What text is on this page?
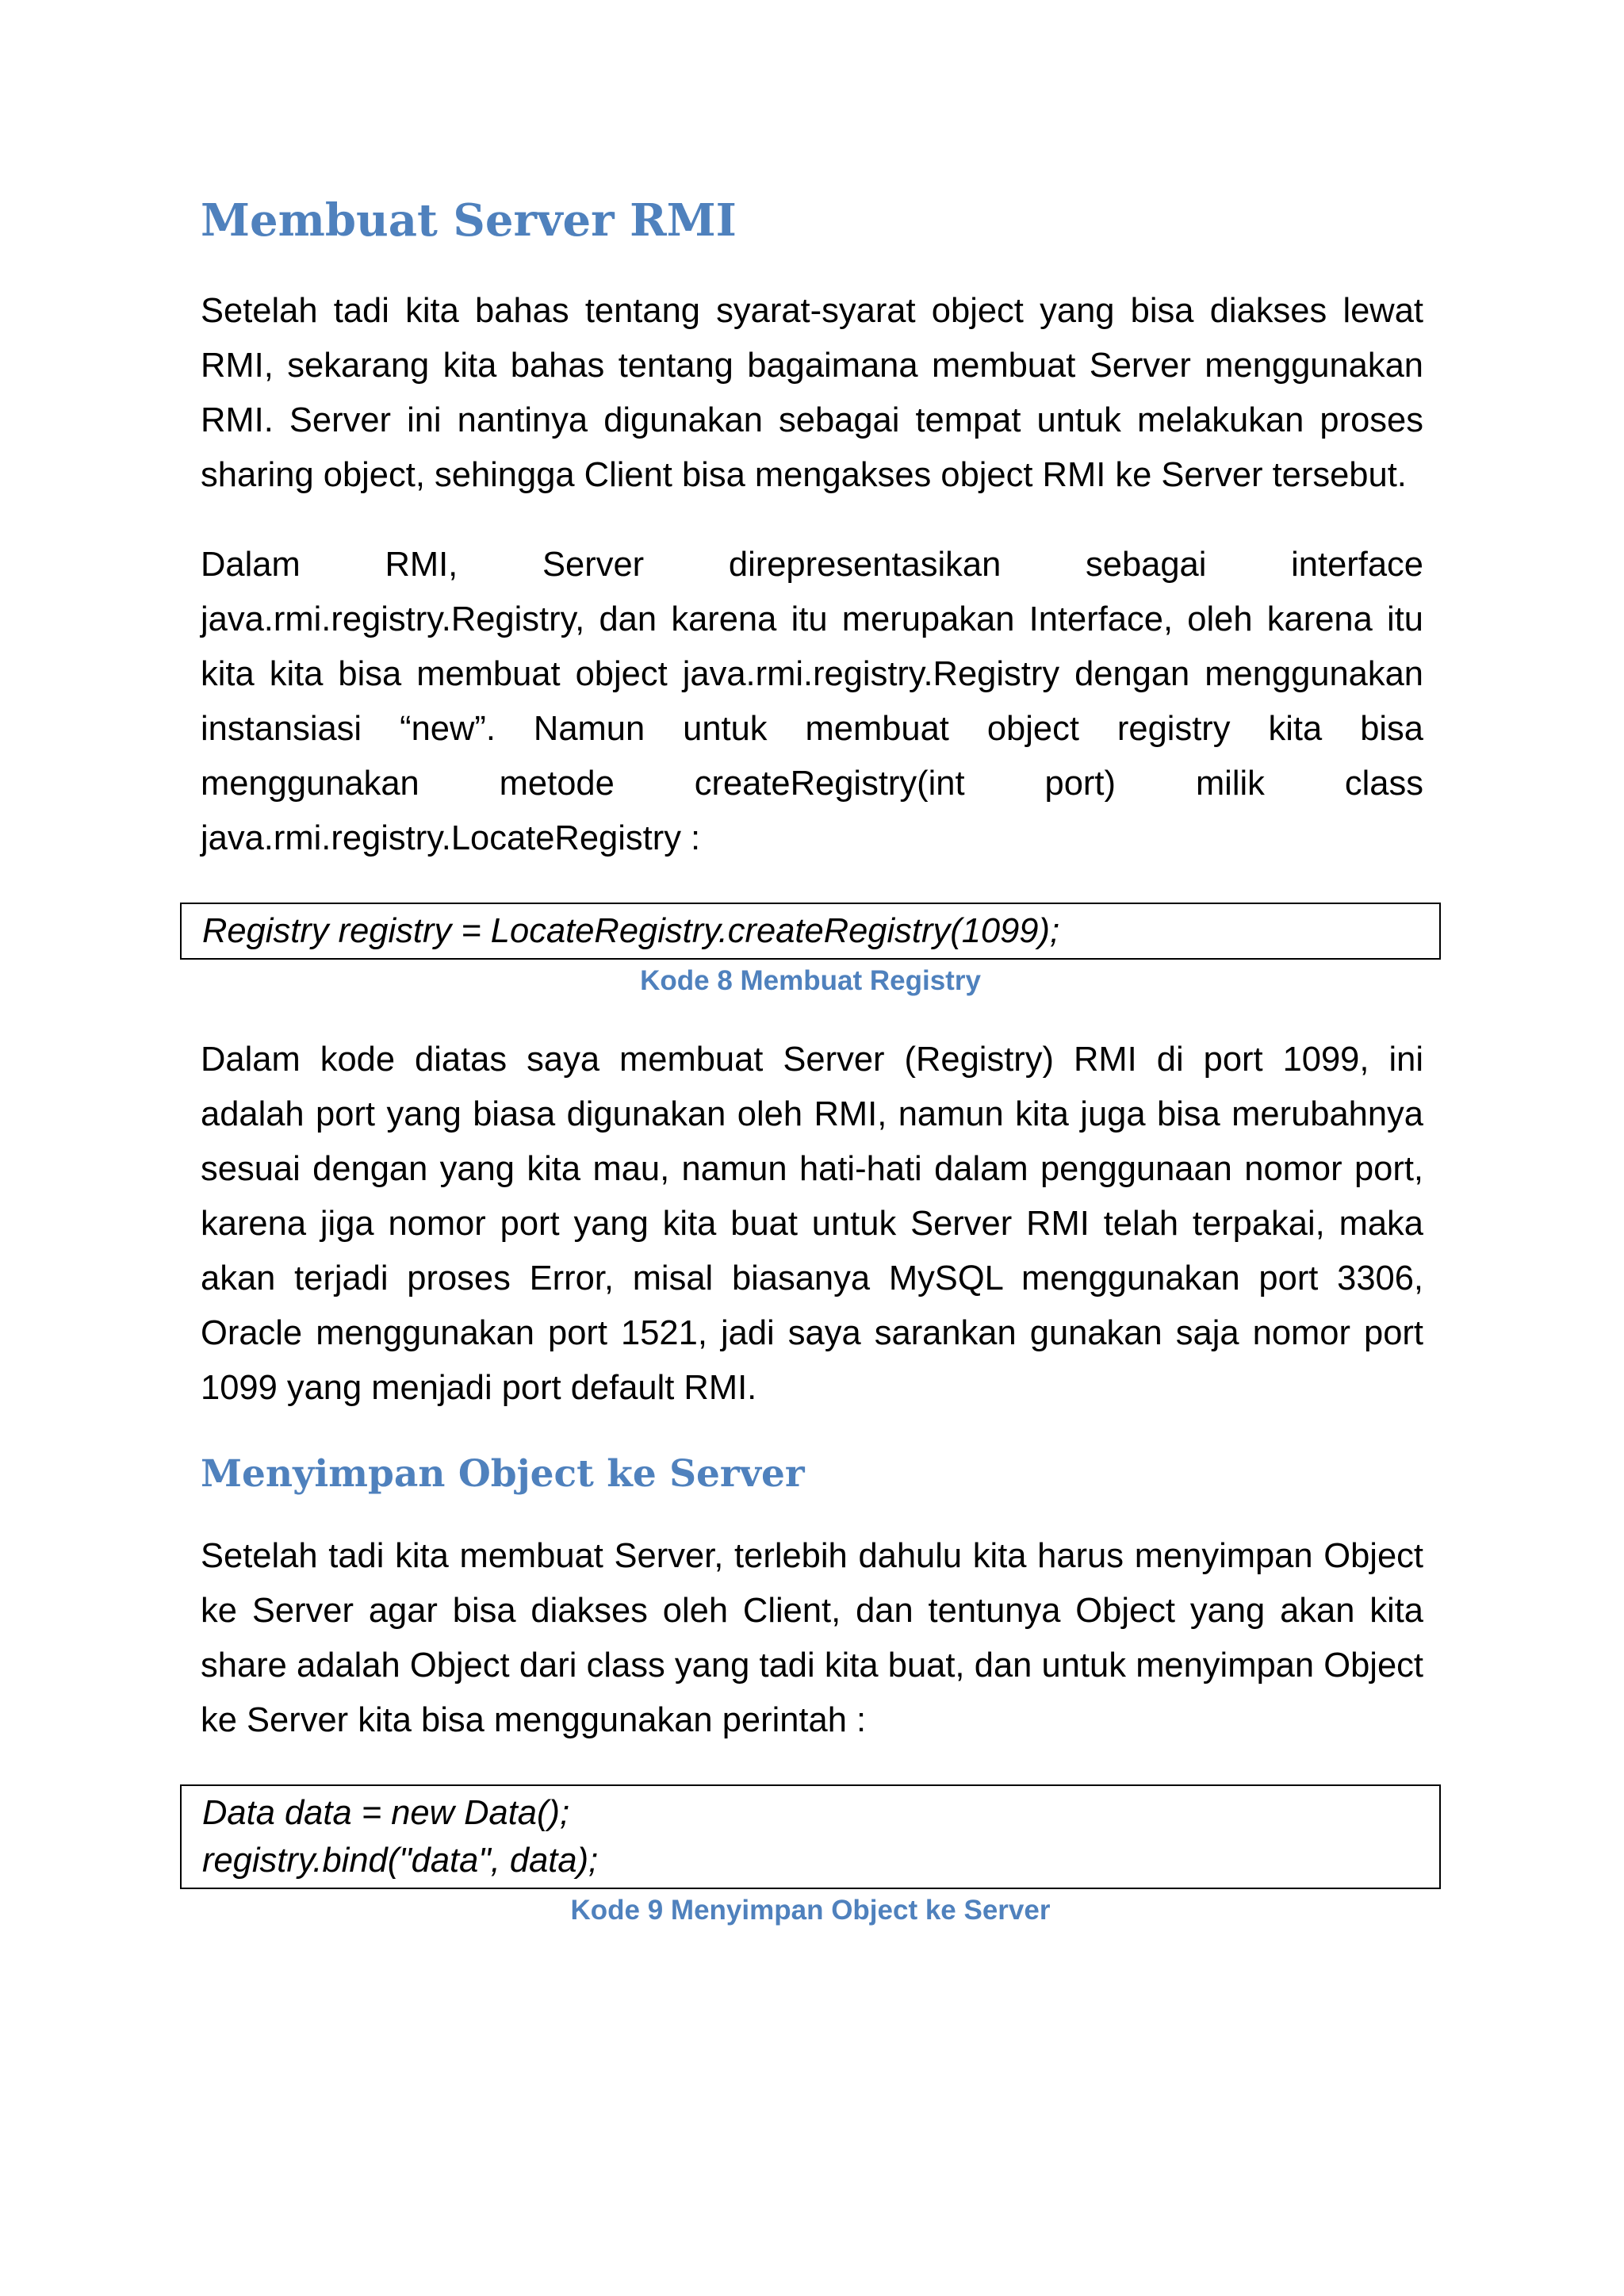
Membuat Server RMI

Setelah tadi kita bahas tentang syarat-syarat object yang bisa diakses lewat RMI, sekarang kita bahas tentang bagaimana membuat Server menggunakan RMI. Server ini nantinya digunakan sebagai tempat untuk melakukan proses sharing object, sehingga Client bisa mengakses object RMI ke Server tersebut.

Dalam RMI, Server direpresentasikan sebagai interface java.rmi.registry.Registry, dan karena itu merupakan Interface, oleh karena itu kita kita bisa membuat object java.rmi.registry.Registry dengan menggunakan instansiasi “new”. Namun untuk membuat object registry kita bisa menggunakan metode createRegistry(int port) milik class java.rmi.registry.LocateRegistry :

Registry registry = LocateRegistry.createRegistry(1099);
Kode 8 Membuat Registry

Dalam kode diatas saya membuat Server (Registry) RMI di port 1099, ini adalah port yang biasa digunakan oleh RMI, namun kita juga bisa merubahnya sesuai dengan yang kita mau, namun hati-hati dalam penggunaan nomor port, karena jiga nomor port yang kita buat untuk Server RMI telah terpakai, maka akan terjadi proses Error, misal biasanya MySQL menggunakan port 3306, Oracle menggunakan port 1521, jadi saya sarankan gunakan saja nomor port 1099 yang menjadi port default RMI.

Menyimpan Object ke Server

Setelah tadi kita membuat Server, terlebih dahulu kita harus menyimpan Object ke Server agar bisa diakses oleh Client, dan tentunya Object yang akan kita share adalah Object dari class yang tadi kita buat, dan untuk menyimpan Object ke Server kita bisa menggunakan perintah :

Data data = new Data();
registry.bind("data", data);
Kode 9 Menyimpan Object ke Server
